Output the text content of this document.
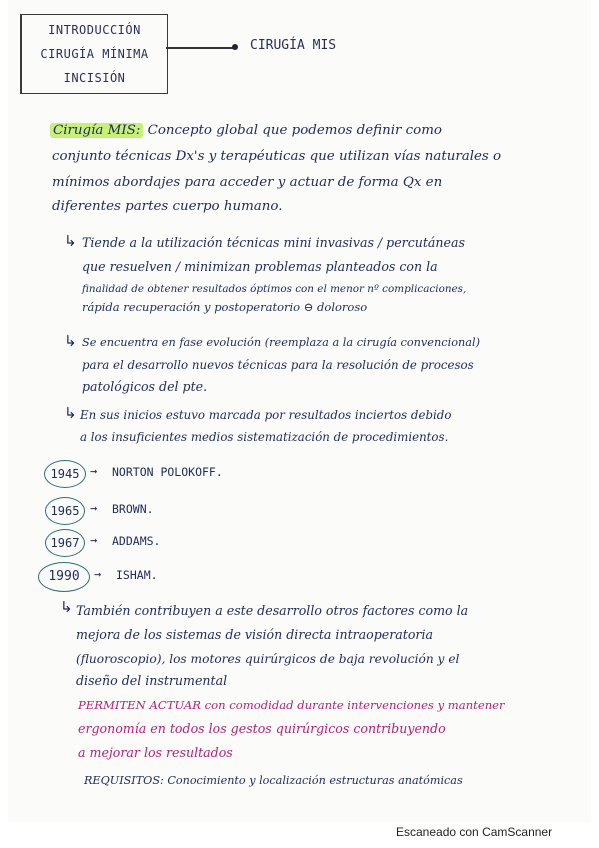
INTRODUCCIÓN
CIRUGÍA MÍNIMA
INCISIÓN
CIRUGÍA MIS
Cirugía MIS: Concepto global que podemos definir como
conjunto técnicas Dx's y terapéuticas que utilizan vías naturales o
mínimos abordajes para acceder y actuar de forma Qx en
diferentes partes cuerpo humano.
↳ Tiende a la utilización técnicas mini invasivas / percutáneas
que resuelven / minimizan problemas planteados con la
finalidad de obtener resultados óptimos con el menor nº complicaciones,
rápida recuperación y postoperatorio ⊖ doloroso
↳ Se encuentra en fase evolución (reemplaza a la cirugía convencional)
para el desarrollo nuevos técnicas para la resolución de procesos
patológicos del pte.
↳ En sus inicios estuvo marcada por resultados inciertos debido
a los insuficientes medios sistematización de procedimientos.
1945 → NORTON POLOKOFF.
1965 → BROWN.
1967 → ADDAMS.
1990	→ ISHAM.
↳ También contribuyen a este desarrollo otros factores como la
mejora de los sistemas de visión directa intraoperatoria
(fluoroscopio), los motores quirúrgicos de baja revolución y el
diseño del instrumental
PERMITEN ACTUAR con comodidad durante intervenciones y mantener
ergonomía en todos los gestos quirúrgicos contribuyendo
a mejorar los resultados
REQUISITOS: Conocimiento y localización estructuras anatómicas
Escaneado con CamScanner
